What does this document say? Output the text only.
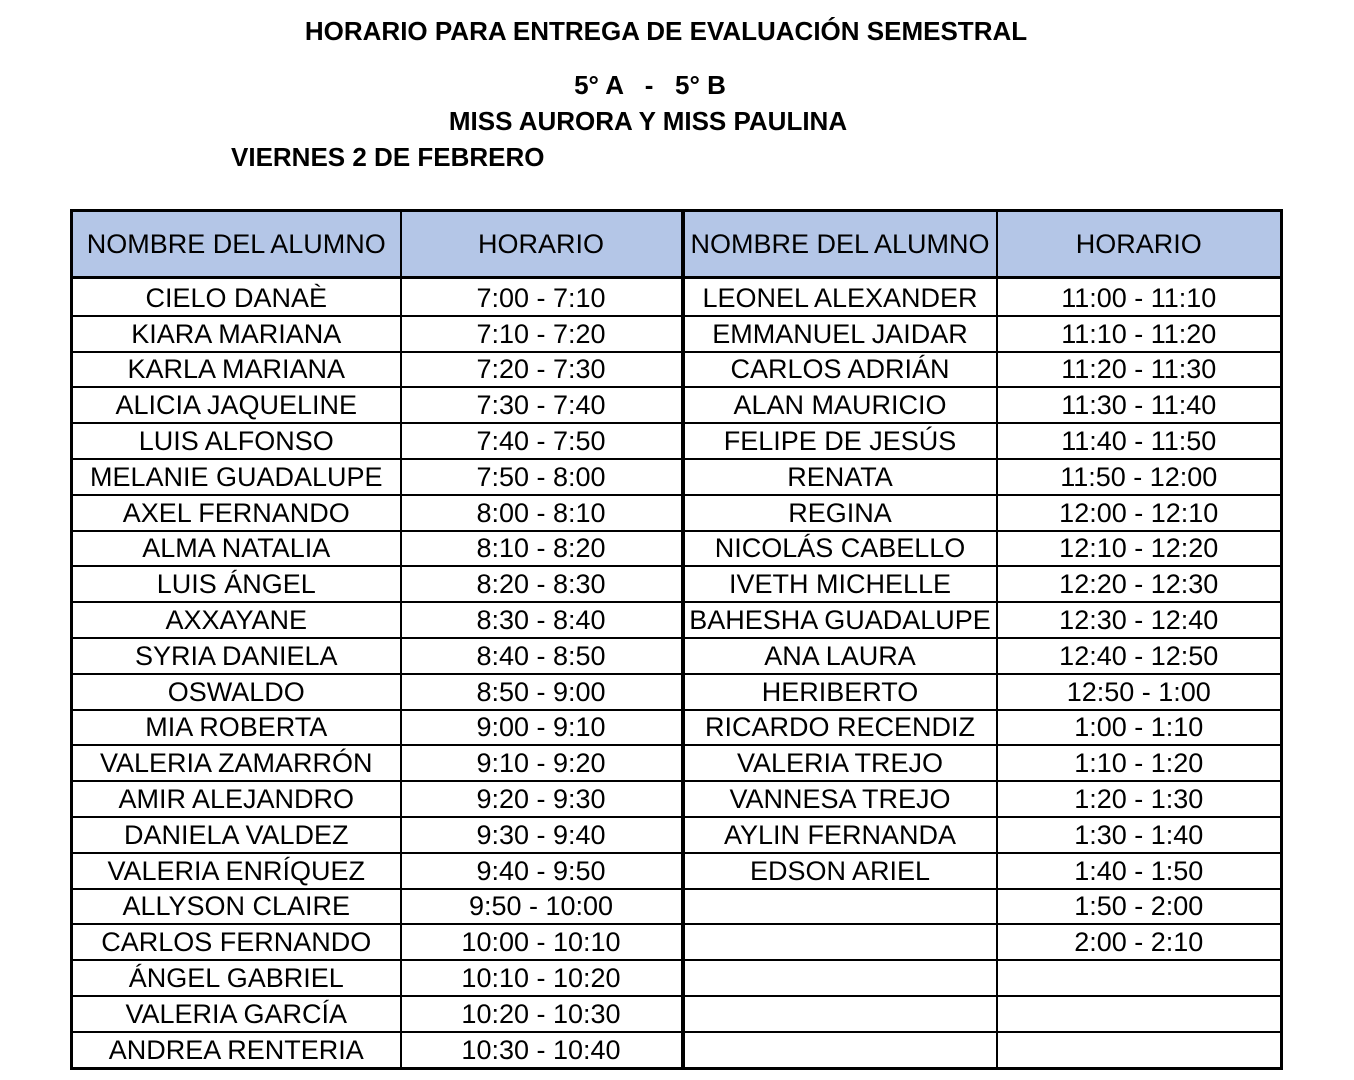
HORARIO PARA ENTREGA DE EVALUACIÓN SEMESTRAL
5° A   -   5° B
MISS AURORA Y MISS PAULINA
VIERNES 2 DE FEBRERO
NOMBRE DEL ALUMNO	HORARIO	NOMBRE DEL ALUMNO	HORARIO
CIELO DANAÈ	7:00 - 7:10	LEONEL ALEXANDER	11:00 - 11:10
KIARA MARIANA	7:10 - 7:20	EMMANUEL JAIDAR	11:10 - 11:20
KARLA MARIANA	7:20 - 7:30	CARLOS ADRIÁN	11:20 - 11:30
ALICIA JAQUELINE	7:30 - 7:40	ALAN MAURICIO	11:30 - 11:40
LUIS ALFONSO	7:40 - 7:50	FELIPE DE JESÚS	11:40 - 11:50
MELANIE GUADALUPE	7:50 - 8:00	RENATA	11:50 - 12:00
AXEL FERNANDO	8:00 - 8:10	REGINA	12:00 - 12:10
ALMA NATALIA	8:10 - 8:20	NICOLÁS CABELLO	12:10 - 12:20
LUIS ÁNGEL	8:20 - 8:30	IVETH MICHELLE	12:20 - 12:30
AXXAYANE	8:30 - 8:40	BAHESHA GUADALUPE	12:30 - 12:40
SYRIA DANIELA	8:40 - 8:50	ANA LAURA	12:40 - 12:50
OSWALDO	8:50 - 9:00	HERIBERTO	12:50 - 1:00
MIA ROBERTA	9:00 - 9:10	RICARDO RECENDIZ	1:00 - 1:10
VALERIA ZAMARRÓN	9:10 - 9:20	VALERIA TREJO	1:10 - 1:20
AMIR ALEJANDRO	9:20 - 9:30	VANNESA TREJO	1:20 - 1:30
DANIELA VALDEZ	9:30 - 9:40	AYLIN FERNANDA	1:30 - 1:40
VALERIA ENRÍQUEZ	9:40 - 9:50	EDSON ARIEL	1:40 - 1:50
ALLYSON CLAIRE	9:50 - 10:00		1:50 - 2:00
CARLOS FERNANDO	10:00 - 10:10		2:00 - 2:10
ÁNGEL GABRIEL	10:10 - 10:20		
VALERIA GARCÍA	10:20 - 10:30		
ANDREA RENTERIA	10:30 - 10:40		
